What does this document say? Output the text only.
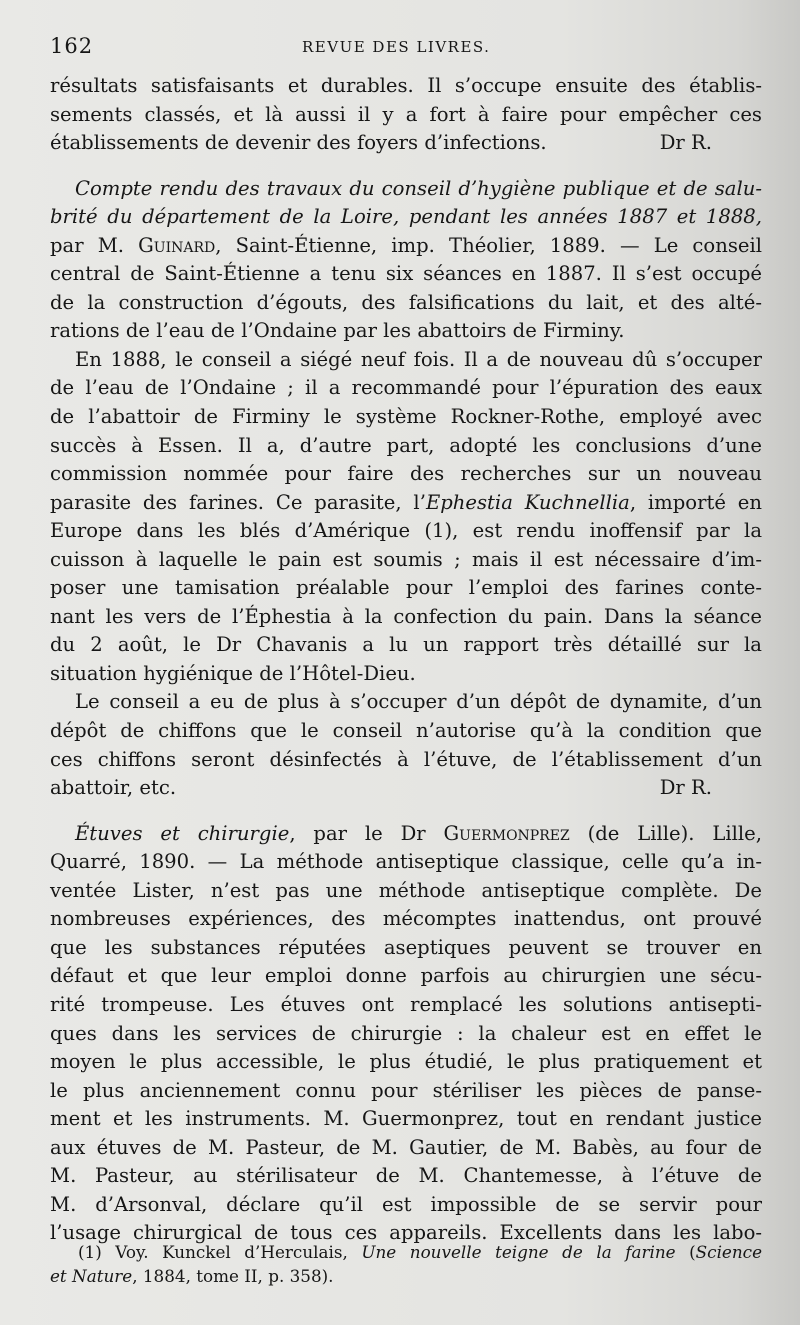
162	REVUE DES LIVRES.
résultats satisfaisants et durables. Il s’occupe ensuite des établis-
sements classés, et là aussi il y a fort à faire pour empêcher ces
établissements de devenir des foyers d’infections.	Dr R.
Compte rendu des travaux du conseil d’hygiène publique et de salu-
brité du département de la Loire, pendant les années 1887 et 1888,
par M. Guinard, Saint-Étienne, imp. Théolier, 1889. — Le conseil
central de Saint-Étienne a tenu six séances en 1887. Il s’est occupé
de la construction d’égouts, des falsifications du lait, et des alté-
rations de l’eau de l’Ondaine par les abattoirs de Firminy.
En 1888, le conseil a siégé neuf fois. Il a de nouveau dû s’occuper
de l’eau de l’Ondaine ; il a recommandé pour l’épuration des eaux
de l’abattoir de Firminy le système Rockner-Rothe, employé avec
succès à Essen. Il a, d’autre part, adopté les conclusions d’une
commission nommée pour faire des recherches sur un nouveau
parasite des farines. Ce parasite, l’Ephestia Kuchnellia, importé en
Europe dans les blés d’Amérique (1), est rendu inoffensif par la
cuisson à laquelle le pain est soumis ; mais il est nécessaire d’im-
poser une tamisation préalable pour l’emploi des farines conte-
nant les vers de l’Éphestia à la confection du pain. Dans la séance
du 2 août, le Dr Chavanis a lu un rapport très détaillé sur la
situation hygiénique de l’Hôtel-Dieu.
Le conseil a eu de plus à s’occuper d’un dépôt de dynamite, d’un
dépôt de chiffons que le conseil n’autorise qu’à la condition que
ces chiffons seront désinfectés à l’étuve, de l’établissement d’un
abattoir, etc.	Dr R.
Étuves et chirurgie, par le Dr Guermonprez (de Lille). Lille,
Quarré, 1890. — La méthode antiseptique classique, celle qu’a in-
ventée Lister, n’est pas une méthode antiseptique complète. De
nombreuses expériences, des mécomptes inattendus, ont prouvé
que les substances réputées aseptiques peuvent se trouver en
défaut et que leur emploi donne parfois au chirurgien une sécu-
rité trompeuse. Les étuves ont remplacé les solutions antisepti-
ques dans les services de chirurgie : la chaleur est en effet le
moyen le plus accessible, le plus étudié, le plus pratiquement et
le plus anciennement connu pour stériliser les pièces de panse-
ment et les instruments. M. Guermonprez, tout en rendant justice
aux étuves de M. Pasteur, de M. Gautier, de M. Babès, au four de
M. Pasteur, au stérilisateur de M. Chantemesse, à l’étuve de
M. d’Arsonval, déclare qu’il est impossible de se servir pour
l’usage chirurgical de tous ces appareils. Excellents dans les labo-
(1) Voy. Kunckel d’Herculais, Une nouvelle teigne de la farine (Science
et Nature, 1884, tome II, p. 358).
